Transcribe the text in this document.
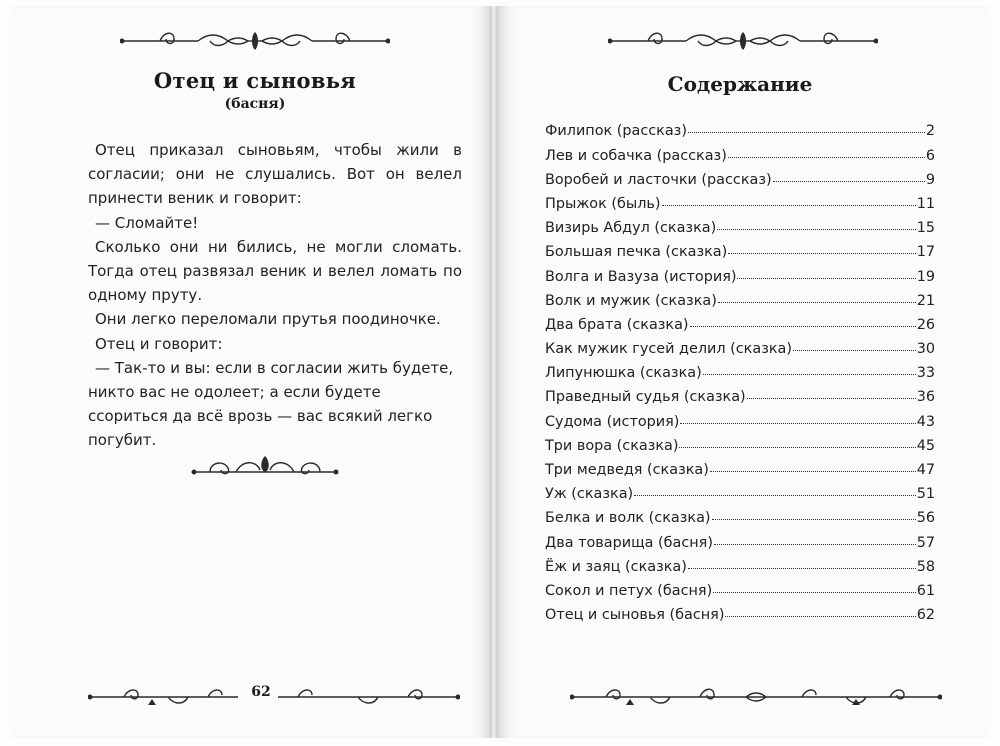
Отец и сыновья
(басня)

Отец приказал сыновьям, чтобы жили в согласии; они не слушались. Вот он велел принести веник и говорит:

— Сломайте!

Сколько они ни бились, не могли сломать. Тогда отец развязал веник и велел ломать по одному пруту.

Они легко переломали прутья поодиночке.

Отец и говорит:

— Так-то и вы: если в согласии жить будете, никто вас не одолеет; а если будете ссориться да всё врозь — вас всякий легко погубит.

62
Содержание
Филипок (рассказ)	2
Лев и собачка (рассказ)	6
Воробей и ласточки (рассказ)	9
Прыжок (быль)	11
Визирь Абдул (сказка)	15
Большая печка (сказка)	17
Волга и Вазуза (история)	19
Волк и мужик (сказка)	21
Два брата (сказка)	26
Как мужик гусей делил (сказка)	30
Липунюшка (сказка)	33
Праведный судья (сказка)	36
Судома (история)	43
Три вора (сказка)	45
Три медведя (сказка)	47
Уж (сказка)	51
Белка и волк (сказка)	56
Два товарища (басня)	57
Ёж и заяц (сказка)	58
Сокол и петух (басня)	61
Отец и сыновья (басня)	62
